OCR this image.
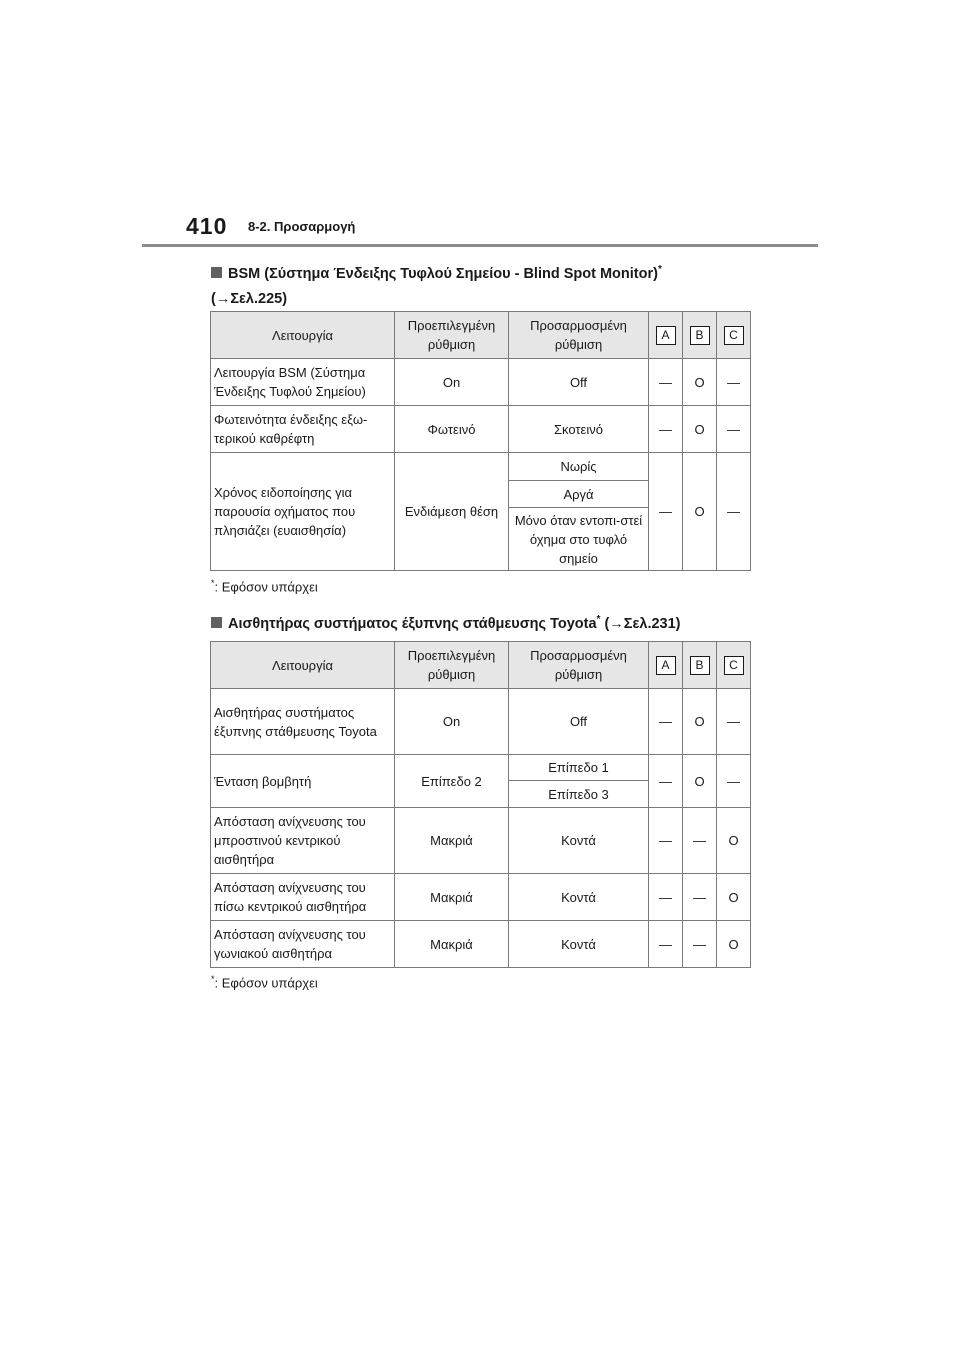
410 8-2. Προσαρμογή
BSM (Σύστημα Ένδειξης Τυφλού Σημείου - Blind Spot Monitor)*
(→Σελ.225)
Λειτουργία	Προεπιλεγμένη ρύθμιση	Προσαρμοσμένη ρύθμιση	A	B	C
Λειτουργία BSM (Σύστημα Ένδειξης Τυφλού Σημείου)	On	Off	—	O	—
Φωτεινότητα ένδειξης εξω-τερικού καθρέφτη	Φωτεινό	Σκοτεινό	—	O	—
Χρόνος ειδοποίησης για παρουσία οχήματος που πλησιάζει (ευαισθησία)	Ενδιάμεση θέση	Νωρίς	—	O	—
		Αργά			
		Μόνο όταν εντοπι-στεί όχημα στο τυφλό σημείο			
*: Εφόσον υπάρχει
Αισθητήρας συστήματος έξυπνης στάθμευσης Toyota* (→Σελ.231)
Λειτουργία	Προεπιλεγμένη ρύθμιση	Προσαρμοσμένη ρύθμιση	A	B	C
Αισθητήρας συστήματος έξυπνης στάθμευσης Toyota	On	Off	—	O	—
Ένταση βομβητή	Επίπεδο 2	Επίπεδο 1	—	O	—
		Επίπεδο 3			
Απόσταση ανίχνευσης του μπροστινού κεντρικού αισθητήρα	Μακριά	Κοντά	—	—	O
Απόσταση ανίχνευσης του πίσω κεντρικού αισθητήρα	Μακριά	Κοντά	—	—	O
Απόσταση ανίχνευσης του γωνιακού αισθητήρα	Μακριά	Κοντά	—	—	O
*: Εφόσον υπάρχει
